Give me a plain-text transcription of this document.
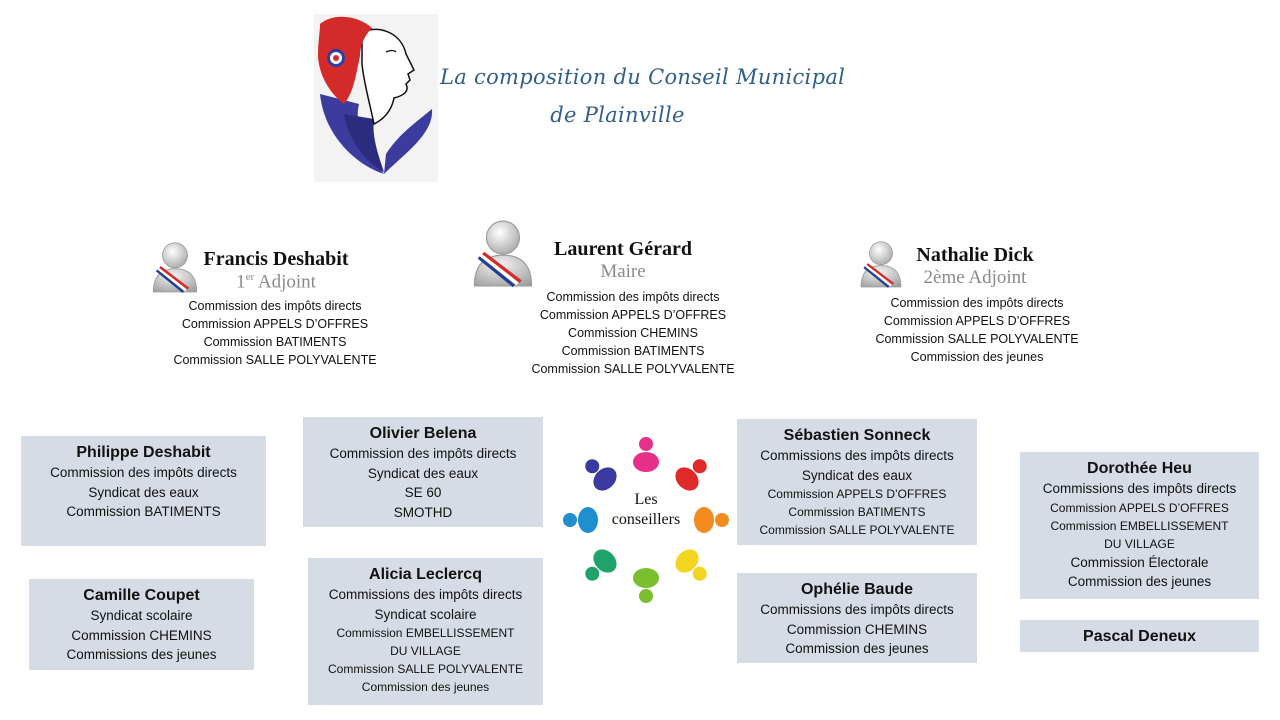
La composition du Conseil Municipal
de Plainville
Francis Deshabit
1er Adjoint
Commission des impôts directs
Commission APPELS D’OFFRES
Commission BATIMENTS
Commission SALLE POLYVALENTE
Laurent Gérard
Maire
Commission des impôts directs
Commission APPELS D’OFFRES
Commission CHEMINS
Commission BATIMENTS
Commission SALLE POLYVALENTE
Nathalie Dick
2ème Adjoint
Commission des impôts directs
Commission APPELS D’OFFRES
Commission SALLE POLYVALENTE
Commission des jeunes
Philippe Deshabit
Commission des impôts directs
Syndicat des eaux
Commission BATIMENTS
Camille Coupet
Syndicat scolaire
Commission CHEMINS
Commissions des jeunes
Olivier Belena
Commission des impôts directs
Syndicat des eaux
SE 60
SMOTHD
Alicia Leclercq
Commissions des impôts directs
Syndicat scolaire
Commission EMBELLISSEMENT
DU VILLAGE
Commission SALLE POLYVALENTE
Commission des jeunes
Les
conseillers
Sébastien Sonneck
Commissions des impôts directs
Syndicat des eaux
Commission APPELS D’OFFRES
Commission BATIMENTS
Commission SALLE POLYVALENTE
Ophélie Baude
Commissions des impôts directs
Commission CHEMINS
Commission des jeunes
Dorothée Heu
Commissions des impôts directs
Commission APPELS D’OFFRES
Commission EMBELLISSEMENT
DU VILLAGE
Commission Électorale
Commission des jeunes
Pascal Deneux
